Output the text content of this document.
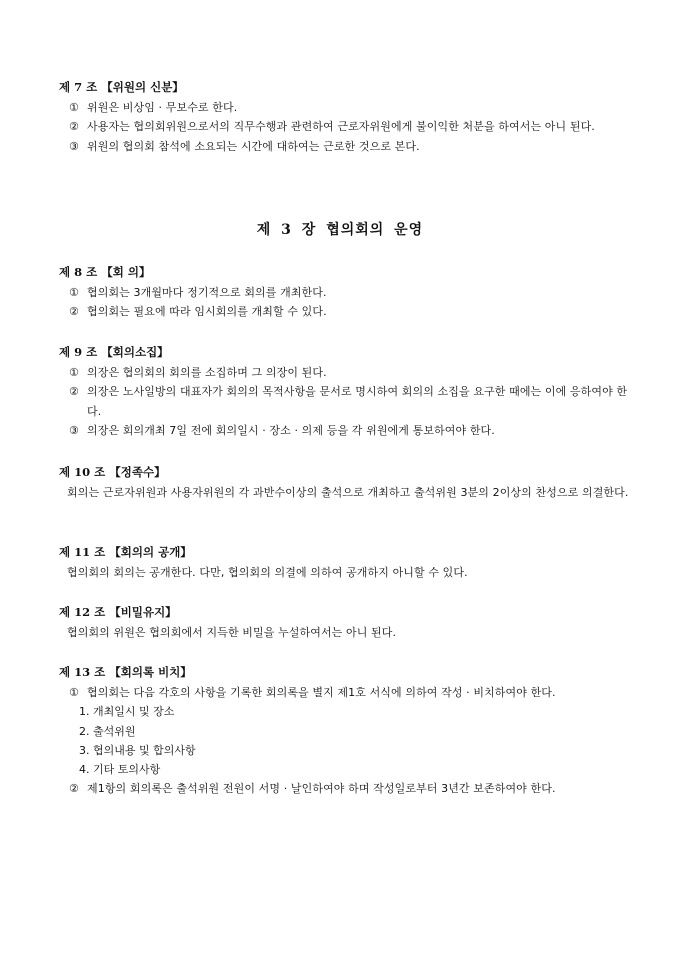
제 7 조 【위원의 신분】

① 위원은 비상임 · 무보수로 한다.
② 사용자는 협의회위원으로서의 직무수행과 관련하여 근로자위원에게 불이익한 처분을 하여서는 아니 된다.
③ 위원의 협의회 참석에 소요되는 시간에 대하여는 근로한 것으로 본다.
제 3 장 협의회의 운영

제 8 조 【회 의】

① 협의회는 3개월마다 정기적으로 회의를 개최한다.
② 협의회는 필요에 따라 임시회의를 개최할 수 있다.

제 9 조 【회의소집】

① 의장은 협의회의 회의를 소집하며 그 의장이 된다.
② 의장은 노사일방의 대표자가 회의의 목적사항을 문서로 명시하여 회의의 소집을 요구한 때에는 이에 응하여야 한다.
③ 의장은 회의개최 7일 전에 회의일시 · 장소 · 의제 등을 각 위원에게 통보하여야 한다.

제 10 조 【정족수】

회의는 근로자위원과 사용자위원의 각 과반수이상의 출석으로 개최하고 출석위원 3분의 2이상의 찬성으로 의결한다.

제 11 조 【회의의 공개】

협의회의 회의는 공개한다. 다만, 협의회의 의결에 의하여 공개하지 아니할 수 있다.

제 12 조 【비밀유지】

협의회의 위원은 협의회에서 지득한 비밀을 누설하여서는 아니 된다.

제 13 조 【회의록 비치】

① 협의회는 다음 각호의 사항을 기록한 회의록을 별지 제1호 서식에 의하여 작성 · 비치하여야 한다.
1. 개최일시 및 장소
2. 출석위원
3. 협의내용 및 합의사항
4. 기타 토의사항
② 제1항의 회의록은 출석위원 전원이 서명 · 날인하여야 하며 작성일로부터 3년간 보존하여야 한다.
